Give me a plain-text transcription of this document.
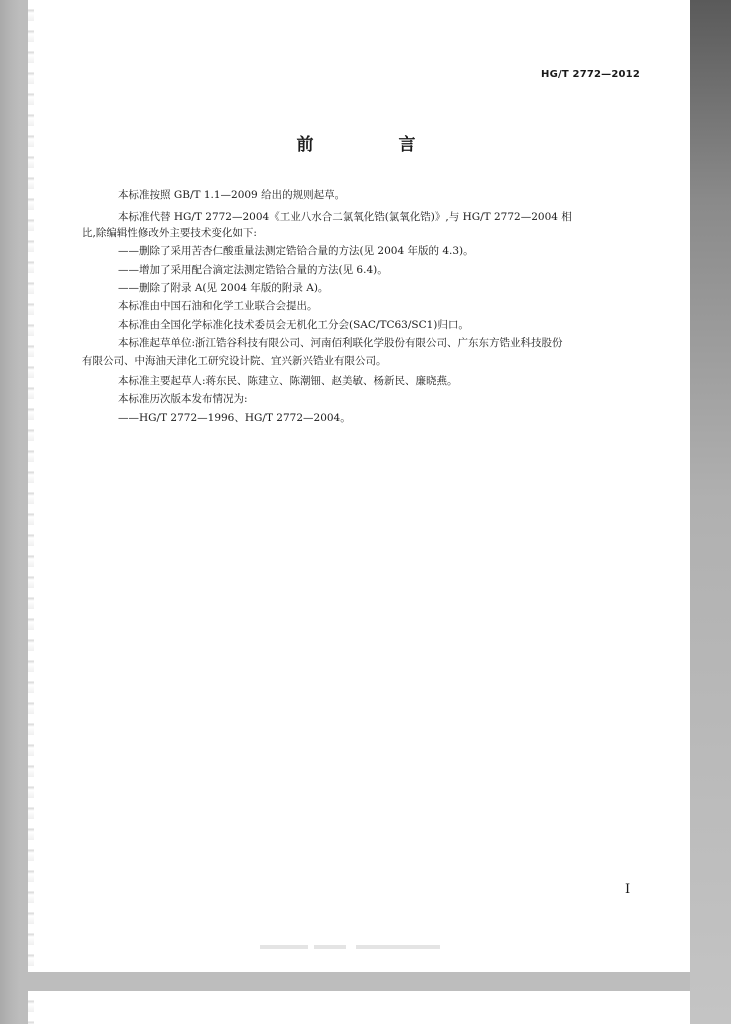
HG/T 2772—2012
前　言
本标准按照 GB/T 1.1—2009 给出的规则起草。
本标准代替 HG/T 2772—2004《工业八水合二氯氧化锆(氯氧化锆)》,与 HG/T 2772—2004 相
比,除编辑性修改外主要技术变化如下:
——删除了采用苦杏仁酸重量法测定锆铪合量的方法(见 2004 年版的 4.3)。
——增加了采用配合滴定法测定锆铪合量的方法(见 6.4)。
——删除了附录 A(见 2004 年版的附录 A)。
本标准由中国石油和化学工业联合会提出。
本标准由全国化学标准化技术委员会无机化工分会(SAC/TC63/SC1)归口。
本标准起草单位:浙江锆谷科技有限公司、河南佰利联化学股份有限公司、广东东方锆业科技股份
有限公司、中海油天津化工研究设计院、宜兴新兴锆业有限公司。
本标准主要起草人:蒋东民、陈建立、陈潮钿、赵美敏、杨新民、廉晓燕。
本标准历次版本发布情况为:
——HG/T 2772—1996、HG/T 2772—2004。
I
